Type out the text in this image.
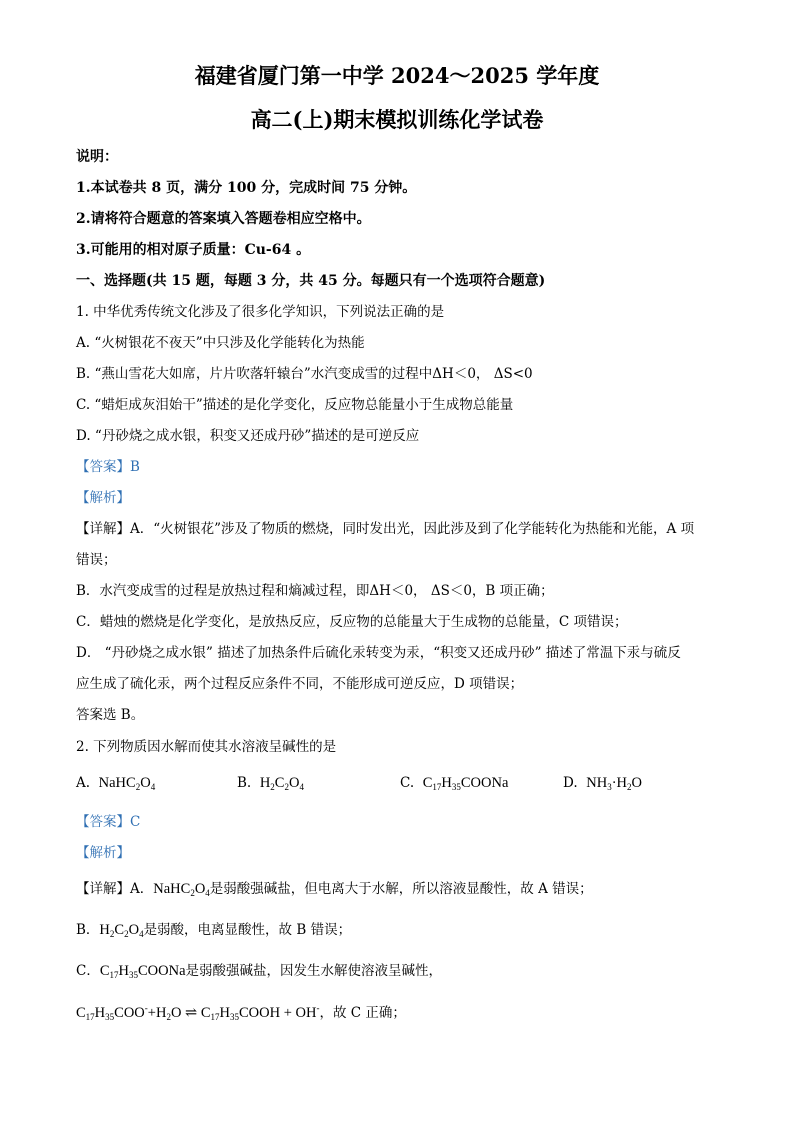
福建省厦门第一中学 2024～2025 学年度
高二(上)期末模拟训练化学试卷
说明：
1.本试卷共 8 页，满分 100 分，完成时间 75 分钟。
2.请将符合题意的答案填入答题卷相应空格中。
3.可能用的相对原子质量：Cu-64 。
一、选择题(共 15 题，每题 3 分，共 45 分。每题只有一个选项符合题意)
1. 中华优秀传统文化涉及了很多化学知识，下列说法正确的是
A. “火树银花不夜天”中只涉及化学能转化为热能
B. “燕山雪花大如席，片片吹落轩辕台”水汽变成雪的过程中ΔH＜0， ΔS<0
C. “蜡炬成灰泪始干”描述的是化学变化，反应物总能量小于生成物总能量
D. “丹砂烧之成水银，积变又还成丹砂”描述的是可逆反应
【答案】B
【解析】
【详解】A．“火树银花”涉及了物质的燃烧，同时发出光，因此涉及到了化学能转化为热能和光能，A 项
错误；
B．水汽变成雪的过程是放热过程和熵减过程，即ΔH＜0， ΔS＜0，B 项正确；
C．蜡烛的燃烧是化学变化，是放热反应，反应物的总能量大于生成物的总能量，C 项错误；
D． “丹砂烧之成水银” 描述了加热条件后硫化汞转变为汞，“积变又还成丹砂” 描述了常温下汞与硫反
应生成了硫化汞，两个过程反应条件不同，不能形成可逆反应，D 项错误；
答案选 B。
2. 下列物质因水解而使其水溶液呈碱性的是
A. $NaHC_2O_4$	B. $H_2C_2O_4$	C. $C_{17}H_{35}COONa$	D. $NH_3\cdot H_2O$
【答案】C
【解析】
【详解】A．$NaHC_2O_4$是弱酸强碱盐，但电离大于水解，所以溶液显酸性，故 A 错误；
B．$H_2C_2O_4$是弱酸，电离显酸性，故 B 错误；
C．$C_{17}H_{35}COONa$是弱酸强碱盐，因发生水解使溶液呈碱性，
$C_{17}H_{35}COO^-+H_2O$ ⇌ $C_{17}H_{35}COOH + OH^-$，故 C 正确；
